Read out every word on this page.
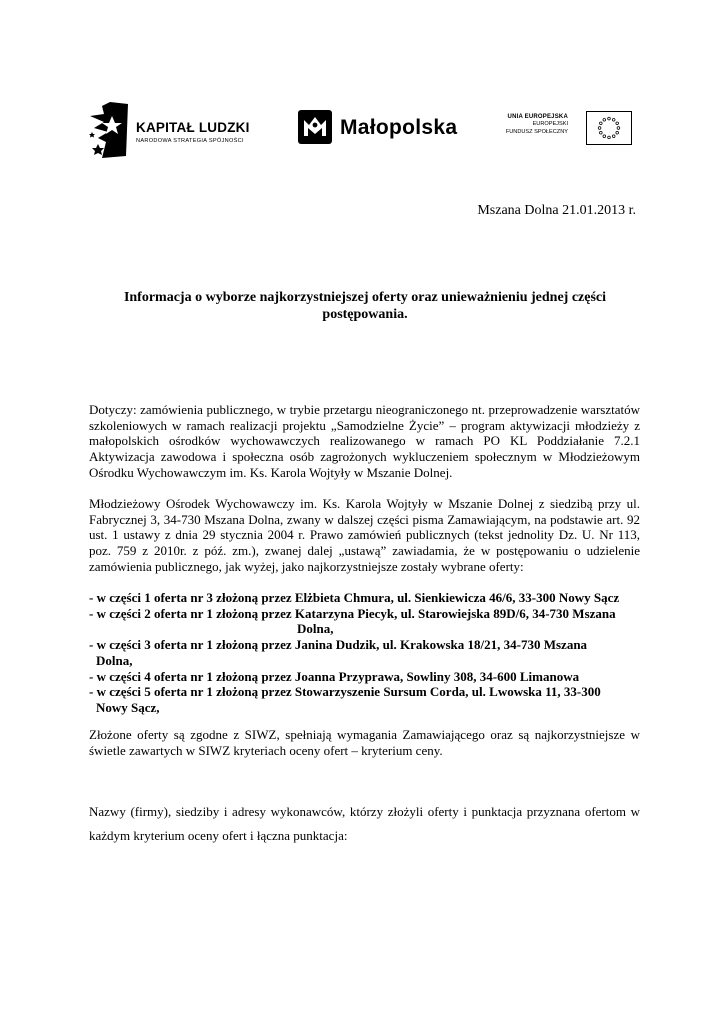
KAPITAŁ LUDZKI
NARODOWA STRATEGIA SPÓJNOŚCI
Małopolska	UNIA EUROPEJSKA
EUROPEJSKI
FUNDUSZ SPOŁECZNY
Mszana Dolna 21.01.2013 r.
Informacja o wyborze najkorzystniejszej oferty oraz unieważnieniu jednej części postępowania.
Dotyczy: zamówienia publicznego, w trybie przetargu nieograniczonego nt. przeprowadzenie warsztatów szkoleniowych w ramach realizacji projektu „Samodzielne Życie” – program aktywizacji młodzieży z małopolskich ośrodków wychowawczych realizowanego w ramach PO KL Poddziałanie 7.2.1 Aktywizacja zawodowa i społeczna osób zagrożonych wykluczeniem społecznym w Młodzieżowym Ośrodku Wychowawczym im. Ks. Karola Wojtyły w Mszanie Dolnej.
Młodzieżowy Ośrodek Wychowawczy im. Ks. Karola Wojtyły w Mszanie Dolnej z siedzibą przy ul. Fabrycznej 3, 34-730 Mszana Dolna, zwany w dalszej części pisma Zamawiającym, na podstawie art. 92 ust. 1 ustawy z dnia 29 stycznia 2004 r. Prawo zamówień publicznych (tekst jednolity Dz. U. Nr 113, poz. 759 z 2010r. z póź. zm.), zwanej dalej „ustawą” zawiadamia, że w postępowaniu o udzielenie zamówienia publicznego, jak wyżej, jako najkorzystniejsze zostały wybrane oferty:
- w części 1 oferta nr 3 złożoną przez Elżbieta Chmura, ul. Sienkiewicza 46/6, 33-300 Nowy Sącz
- w części 2 oferta nr 1 złożoną przez Katarzyna Piecyk, ul. Starowiejska 89D/6, 34-730 Mszana
Dolna,
- w części 3 oferta nr 1 złożoną przez Janina Dudzik, ul. Krakowska 18/21, 34-730 Mszana
Dolna,
- w części 4 oferta nr 1 złożoną przez Joanna Przyprawa, Sowliny 308, 34-600 Limanowa
- w części 5 oferta nr 1 złożoną przez Stowarzyszenie Sursum Corda, ul. Lwowska 11, 33-300
Nowy Sącz,
Złożone oferty są zgodne z SIWZ, spełniają wymagania Zamawiającego oraz są najkorzystniejsze w świetle zawartych w SIWZ kryteriach oceny ofert – kryterium ceny.
Nazwy (firmy), siedziby i adresy wykonawców, którzy złożyli oferty i punktacja przyznana ofertom w każdym kryterium oceny ofert i łączna punktacja:
